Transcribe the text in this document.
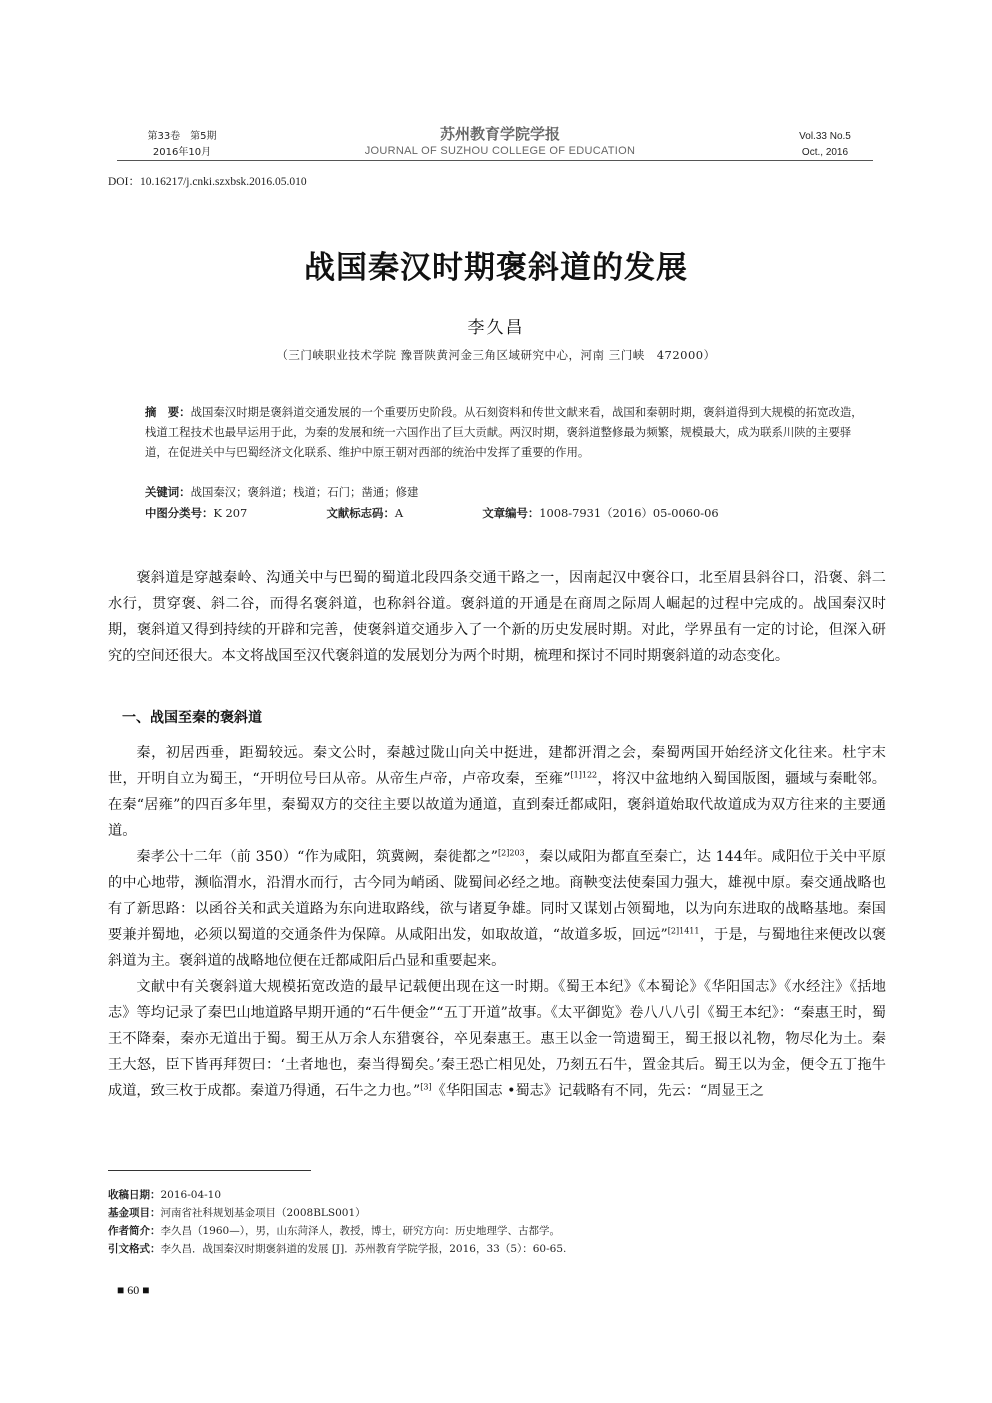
第33卷　第5期
2016年10月
苏州教育学院学报
JOURNAL OF SUZHOU COLLEGE OF EDUCATION
Vol.33 No.5
Oct., 2016
DOI：10.16217/j.cnki.szxbsk.2016.05.010
战国秦汉时期褒斜道的发展
李久昌
（三门峡职业技术学院 豫晋陕黄河金三角区域研究中心，河南 三门峡　472000）
摘　要：战国秦汉时期是褒斜道交通发展的一个重要历史阶段。从石刻资料和传世文献来看，战国和秦朝时期，褒斜道得到大规模的拓宽改造，栈道工程技术也最早运用于此，为秦的发展和统一六国作出了巨大贡献。两汉时期，褒斜道整修最为频繁，规模最大，成为联系川陕的主要驿道，在促进关中与巴蜀经济文化联系、维护中原王朝对西部的统治中发挥了重要的作用。
关键词：战国秦汉；褒斜道；栈道；石门；凿通；修建
中图分类号：K 207	文献标志码：A	文章编号：1008-7931（2016）05-0060-06

褒斜道是穿越秦岭、沟通关中与巴蜀的蜀道北段四条交通干路之一，因南起汉中褒谷口，北至眉县斜谷口，沿褒、斜二水行，贯穿褒、斜二谷，而得名褒斜道，也称斜谷道。褒斜道的开通是在商周之际周人崛起的过程中完成的。战国秦汉时期，褒斜道又得到持续的开辟和完善，使褒斜道交通步入了一个新的历史发展时期。对此，学界虽有一定的讨论，但深入研究的空间还很大。本文将战国至汉代褒斜道的发展划分为两个时期，梳理和探讨不同时期褒斜道的动态变化。

一、战国至秦的褒斜道

秦，初居西垂，距蜀较远。秦文公时，秦越过陇山向关中挺进，建都汧渭之会，秦蜀两国开始经济文化往来。杜宇末世，开明自立为蜀王，“开明位号曰从帝。从帝生卢帝，卢帝攻秦，至雍”$^{[1]122}$，将汉中盆地纳入蜀国版图，疆域与秦毗邻。在秦“居雍”的四百多年里，秦蜀双方的交往主要以故道为通道，直到秦迁都咸阳，褒斜道始取代故道成为双方往来的主要通道。

秦孝公十二年（前 350）“作为咸阳，筑冀阙，秦徙都之”$^{[2]203}$，秦以咸阳为都直至秦亡，达 144年。咸阳位于关中平原的中心地带，濒临渭水，沿渭水而行，古今同为峭函、陇蜀间必经之地。商鞅变法使秦国力强大，雄视中原。秦交通战略也有了新思路：以函谷关和武关道路为东向进取路线，欲与诸夏争雄。同时又谋划占领蜀地，以为向东进取的战略基地。秦国要兼并蜀地，必须以蜀道的交通条件为保障。从咸阳出发，如取故道，“故道多坂，回远”$^{[2]1411}$，于是，与蜀地往来便改以褒斜道为主。褒斜道的战略地位便在迁都咸阳后凸显和重要起来。

文献中有关褒斜道大规模拓宽改造的最早记载便出现在这一时期。《蜀王本纪》《本蜀论》《华阳国志》《水经注》《括地志》等均记录了秦巴山地道路早期开通的“石牛便金”“五丁开道”故事。《太平御览》卷八八八引《蜀王本纪》：“秦惠王时，蜀王不降秦，秦亦无道出于蜀。蜀王从万余人东猎褒谷，卒见秦惠王。惠王以金一笥遗蜀王，蜀王报以礼物，物尽化为土。秦王大怒，臣下皆再拜贺曰：‘土者地也，秦当得蜀矣。’秦王恐亡相见处，乃刻五石牛，置金其后。蜀王以为金，便令五丁拖牛成道，致三枚于成都。秦道乃得通，石牛之力也。”[3]《华阳国志 •蜀志》记载略有不同，先云：“周显王之

收稿日期：2016-04-10
基金项目：河南省社科规划基金项目（2008BLS001）
作者简介：李久昌（1960—），男，山东菏泽人，教授，博士，研究方向：历史地理学、古都学。
引文格式：李久昌．战国秦汉时期褒斜道的发展 [J]．苏州教育学院学报，2016，33（5）：60-65.
■ 60 ■
